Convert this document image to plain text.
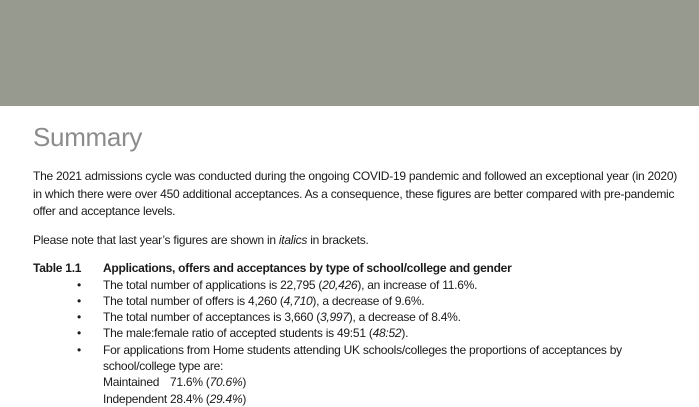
Summary
The 2021 admissions cycle was conducted during the ongoing COVID-19 pandemic and followed an exceptional year (in 2020) in which there were over 450 additional acceptances. As a consequence, these figures are better compared with pre-pandemic offer and acceptance levels.
Please note that last year’s figures are shown in italics in brackets.
Table 1.1 Applications, offers and acceptances by type of school/college and gender
• The total number of applications is 22,795 (20,426), an increase of 11.6%.
• The total number of offers is 4,260 (4,710), a decrease of 9.6%.
• The total number of acceptances is 3,660 (3,997), a decrease of 8.4%.
• The male:female ratio of accepted students is 49:51 (48:52).
• For applications from Home students attending UK schools/colleges the proportions of acceptances by school/college type are:
Maintained 71.6% (70.6%)
Independent 28.4% (29.4%)
